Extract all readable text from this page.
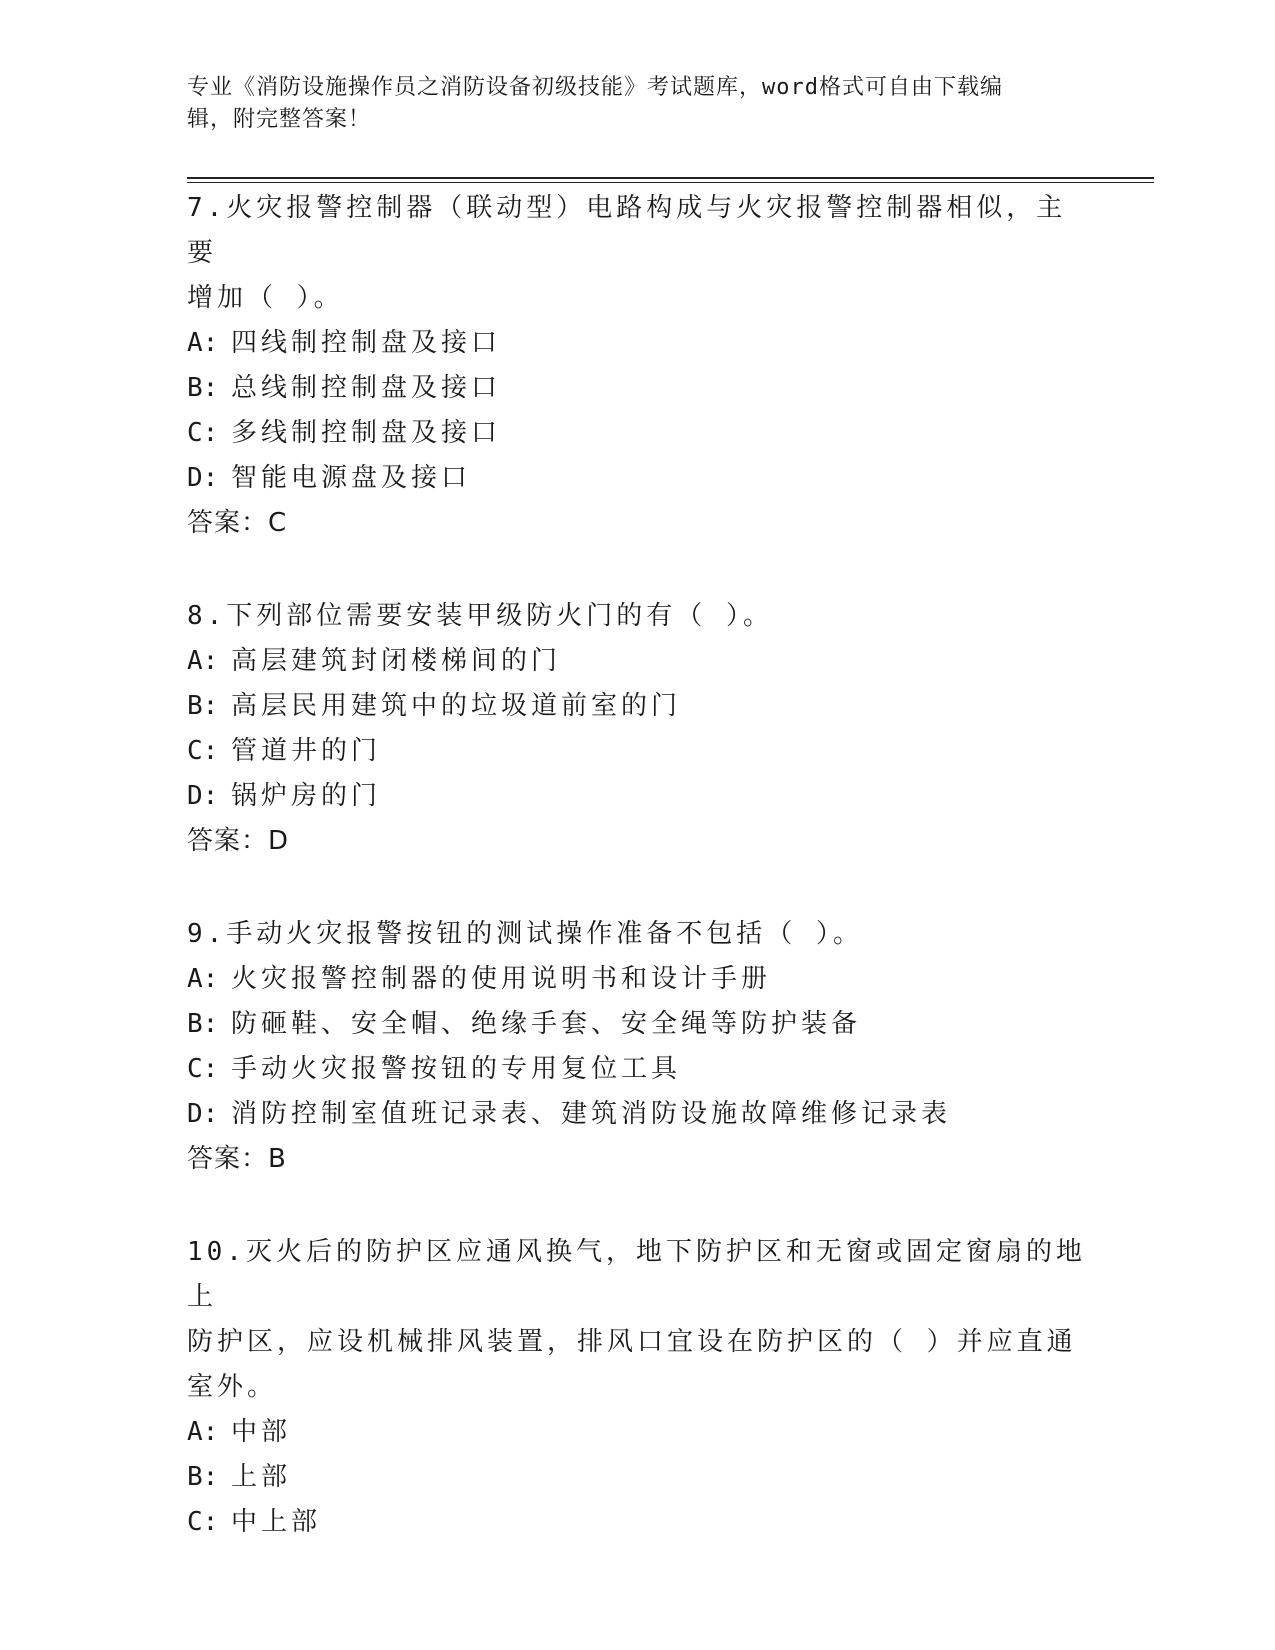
专业《消防设施操作员之消防设备初级技能》考试题库，word格式可自由下载编
辑，附完整答案！
7.火灾报警控制器（联动型）电路构成与火灾报警控制器相似，主要
增加（ ）。
A: 四线制控制盘及接口
B: 总线制控制盘及接口
C: 多线制控制盘及接口
D: 智能电源盘及接口
答案：C
8.下列部位需要安装甲级防火门的有（ ）。
A: 高层建筑封闭楼梯间的门
B: 高层民用建筑中的垃圾道前室的门
C: 管道井的门
D: 锅炉房的门
答案：D
9.手动火灾报警按钮的测试操作准备不包括（ ）。
A: 火灾报警控制器的使用说明书和设计手册
B: 防砸鞋、安全帽、绝缘手套、安全绳等防护装备
C: 手动火灾报警按钮的专用复位工具
D: 消防控制室值班记录表、建筑消防设施故障维修记录表
答案：B
10.灭火后的防护区应通风换气，地下防护区和无窗或固定窗扇的地上
防护区，应设机械排风装置，排风口宜设在防护区的（ ）并应直通
室外。
A: 中部
B: 上部
C: 中上部
